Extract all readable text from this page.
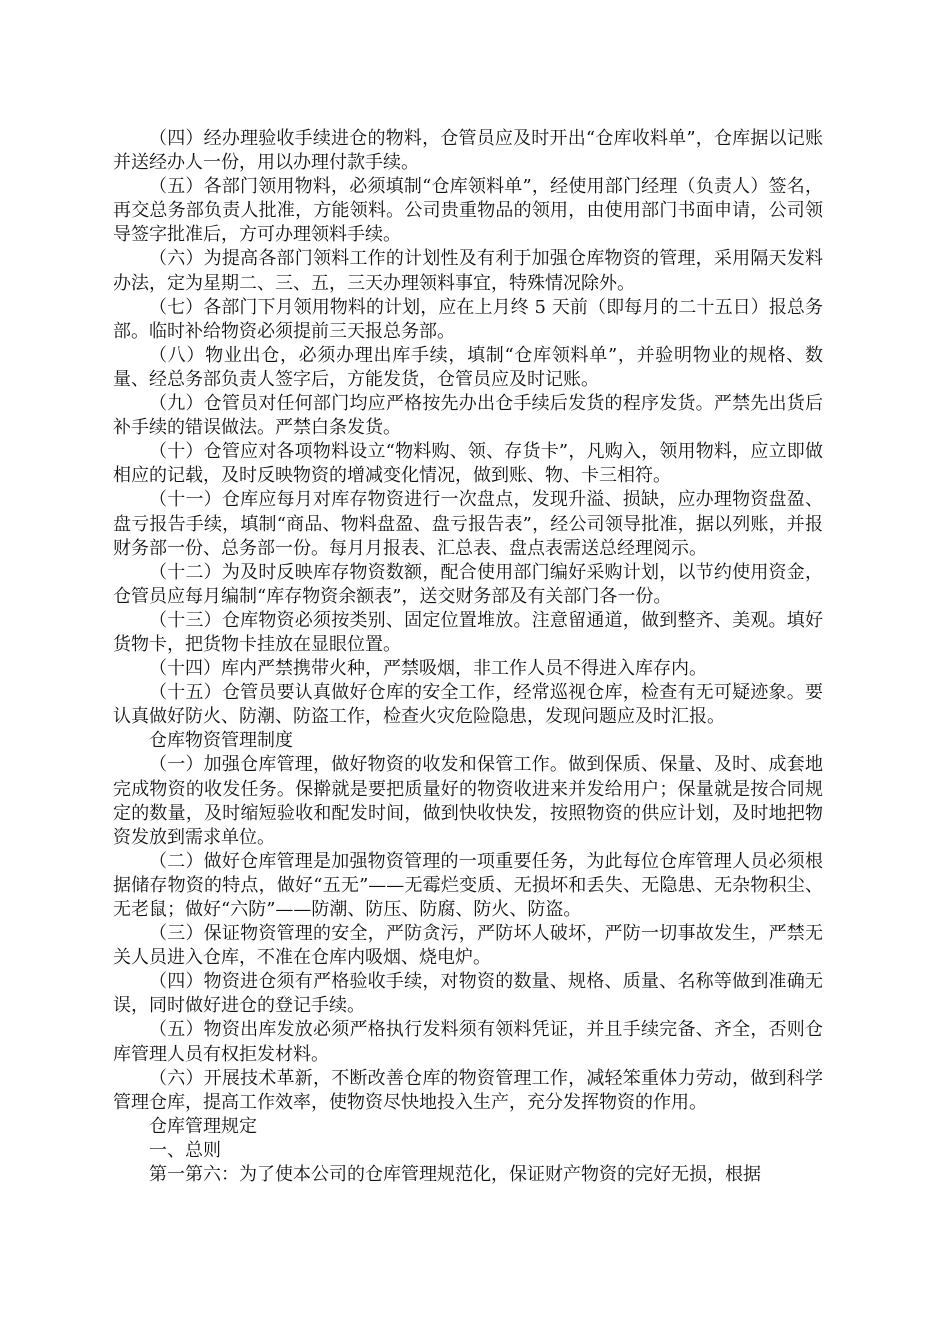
（四）经办理验收手续进仓的物料，仓管员应及时开出“仓库收料单”，仓库据以记账并送经办人一份，用以办理付款手续。

（五）各部门领用物料，必须填制“仓库领料单”，经使用部门经理（负责人）签名，再交总务部负责人批准，方能领料。公司贵重物品的领用，由使用部门书面申请，公司领导签字批准后，方可办理领料手续。

（六）为提高各部门领料工作的计划性及有利于加强仓库物资的管理，采用隔天发料办法，定为星期二、三、五，三天办理领料事宜，特殊情况除外。

（七）各部门下月领用物料的计划，应在上月终 5 天前（即每月的二十五日）报总务部。临时补给物资必须提前三天报总务部。

（八）物业出仓，必须办理出库手续，填制“仓库领料单”，并验明物业的规格、数量、经总务部负责人签字后，方能发货，仓管员应及时记账。

（九）仓管员对任何部门均应严格按先办出仓手续后发货的程序发货。严禁先出货后补手续的错误做法。严禁白条发货。

（十）仓管应对各项物料设立“物料购、领、存货卡”，凡购入，领用物料，应立即做相应的记载，及时反映物资的增减变化情况，做到账、物、卡三相符。

（十一）仓库应每月对库存物资进行一次盘点，发现升溢、损缺，应办理物资盘盈、盘亏报告手续，填制“商品、物料盘盈、盘亏报告表”，经公司领导批准，据以列账，并报财务部一份、总务部一份。每月月报表、汇总表、盘点表需送总经理阅示。

（十二）为及时反映库存物资数额，配合使用部门编好采购计划，以节约使用资金，仓管员应每月编制“库存物资余额表”，送交财务部及有关部门各一份。

（十三）仓库物资必须按类别、固定位置堆放。注意留通道，做到整齐、美观。填好货物卡，把货物卡挂放在显眼位置。

（十四）库内严禁携带火种，严禁吸烟，非工作人员不得进入库存内。

（十五）仓管员要认真做好仓库的安全工作，经常巡视仓库，检查有无可疑迹象。要认真做好防火、防潮、防盗工作，检查火灾危险隐患，发现问题应及时汇报。

仓库物资管理制度

（一）加强仓库管理，做好物资的收发和保管工作。做到保质、保量、及时、成套地完成物资的收发任务。保擀就是要把质量好的物资收进来并发给用户；保量就是按合同规定的数量，及时缩短验收和配发时间，做到快收快发，按照物资的供应计划，及时地把物资发放到需求单位。

（二）做好仓库管理是加强物资管理的一项重要任务，为此每位仓库管理人员必须根据储存物资的特点，做好“五无”——无霉烂变质、无损坏和丢失、无隐患、无杂物积尘、无老鼠；做好“六防”——防潮、防压、防腐、防火、防盗。

（三）保证物资管理的安全，严防贪污，严防坏人破坏，严防一切事故发生，严禁无关人员进入仓库，不准在仓库内吸烟、烧电炉。

（四）物资进仓须有严格验收手续，对物资的数量、规格、质量、名称等做到准确无误，同时做好进仓的登记手续。

（五）物资出库发放必须严格执行发料须有领料凭证，并且手续完备、齐全，否则仓库管理人员有权拒发材料。

（六）开展技术革新，不断改善仓库的物资管理工作，减轻笨重体力劳动，做到科学管理仓库，提高工作效率，使物资尽快地投入生产，充分发挥物资的作用。

仓库管理规定

一、总则

第一第六：为了使本公司的仓库管理规范化，保证财产物资的完好无损，根据
